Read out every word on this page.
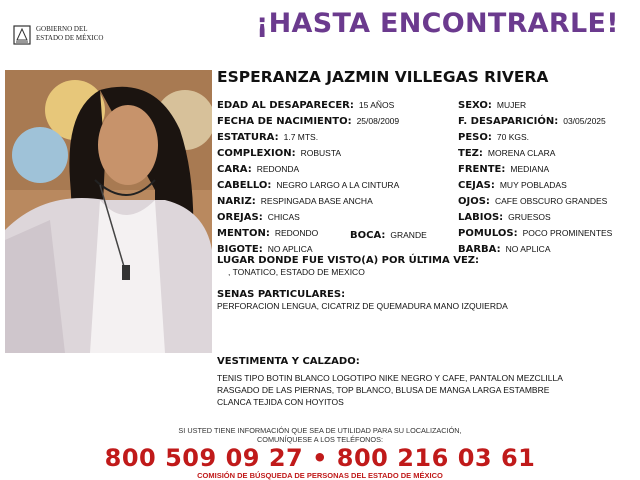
GOBIERNO DEL
ESTADO DE MÉXICO	¡HASTA ENCONTRARLE!
ESPERANZA JAZMIN VILLEGAS RIVERA
EDAD AL DESAPARECER: 15 AÑOS
FECHA DE NACIMIENTO: 25/08/2009
ESTATURA: 1.7 MTS.
COMPLEXION: ROBUSTA
CARA: REDONDA
CABELLO: NEGRO LARGO A LA CINTURA
NARIZ: RESPINGADA BASE ANCHA
OREJAS: CHICAS
MENTON: REDONDO	BOCA: GRANDE
BIGOTE: NO APLICA
SEXO: MUJER
F. DESAPARICIÓN: 03/05/2025
PESO: 70 KGS.
TEZ: MORENA CLARA
FRENTE: MEDIANA
CEJAS: MUY POBLADAS
OJOS: CAFE OBSCURO GRANDES
LABIOS: GRUESOS
POMULOS: POCO PROMINENTES
BARBA: NO APLICA
LUGAR DONDE FUE VISTO(A) POR ÚLTIMA VEZ:
, TONATICO, ESTADO DE MEXICO
SENAS PARTICULARES:
PERFORACION LENGUA, CICATRIZ DE QUEMADURA MANO IZQUIERDA
VESTIMENTA Y CALZADO:
TENIS TIPO BOTIN BLANCO LOGOTIPO NIKE NEGRO Y CAFE, PANTALON MEZCLILLA
RASGADO DE LAS PIERNAS, TOP BLANCO, BLUSA DE MANGA LARGA ESTAMBRE
CLANCA TEJIDA CON HOYITOS
SI USTED TIENE INFORMACIÓN QUE SEA DE UTILIDAD PARA SU LOCALIZACIÓN,
COMUNÍQUESE A LOS TELÉFONOS:
800 509 09 27 • 800 216 03 61
COMISIÓN DE BÚSQUEDA DE PERSONAS DEL ESTADO DE MÉXICO
